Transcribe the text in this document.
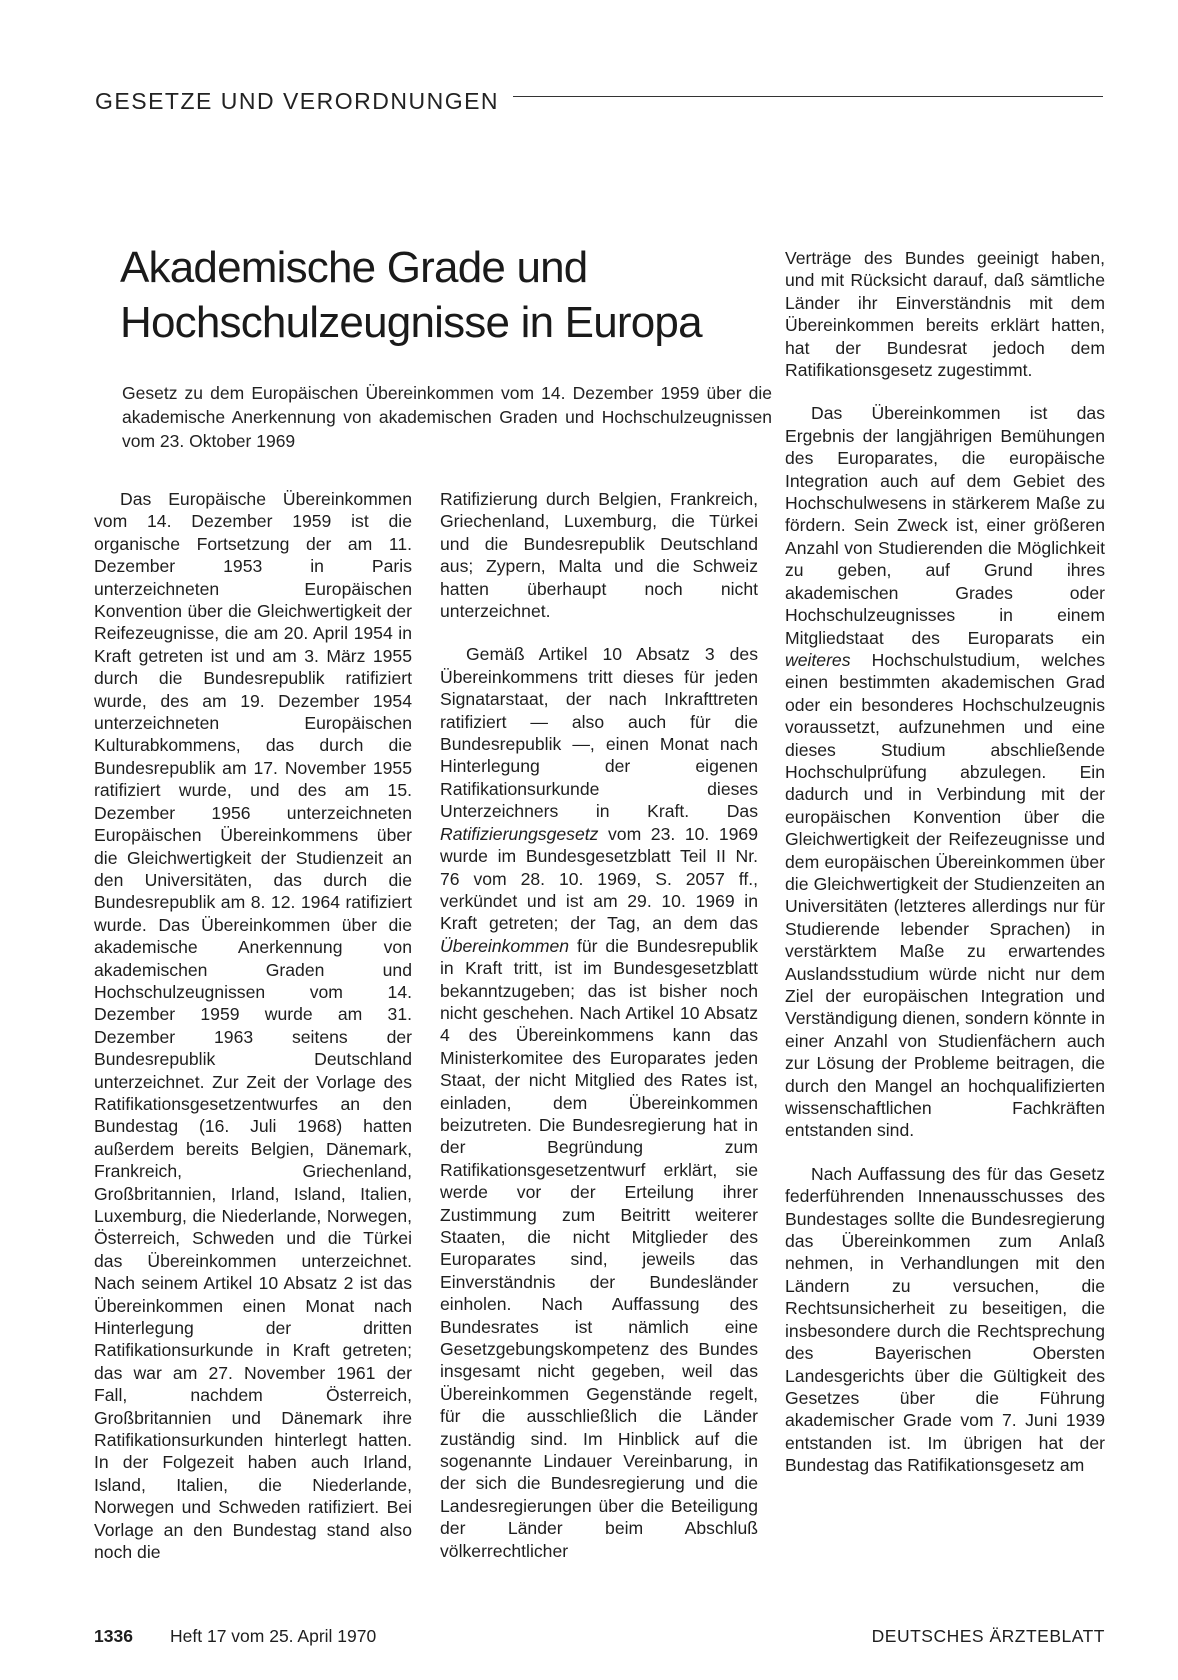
GESETZE UND VERORDNUNGEN
Akademische Grade und Hochschulzeugnisse in Europa

Gesetz zu dem Europäischen Übereinkommen vom 14. Dezember 1959 über die akademische Anerkennung von akademischen Graden und Hochschulzeugnissen vom 23. Oktober 1969

Das Europäische Übereinkommen vom 14. Dezember 1959 ist die organische Fortsetzung der am 11. Dezember 1953 in Paris unterzeichneten Europäischen Konvention über die Gleichwertigkeit der Reifezeugnisse, die am 20. April 1954 in Kraft getreten ist und am 3. März 1955 durch die Bundesrepublik ratifiziert wurde, des am 19. Dezember 1954 unterzeichneten Europäischen Kulturabkommens, das durch die Bundesrepublik am 17. November 1955 ratifiziert wurde, und des am 15. Dezember 1956 unterzeichneten Europäischen Übereinkommens über die Gleichwertigkeit der Studienzeit an den Universitäten, das durch die Bundesrepublik am 8. 12. 1964 ratifiziert wurde. Das Übereinkommen über die akademische Anerkennung von akademischen Graden und Hochschulzeugnissen vom 14. Dezember 1959 wurde am 31. Dezember 1963 seitens der Bundesrepublik Deutschland unterzeichnet. Zur Zeit der Vorlage des Ratifikationsgesetzentwurfes an den Bundestag (16. Juli 1968) hatten außerdem bereits Belgien, Dänemark, Frankreich, Griechenland, Großbritannien, Irland, Island, Italien, Luxemburg, die Niederlande, Norwegen, Österreich, Schweden und die Türkei das Übereinkommen unterzeichnet. Nach seinem Artikel 10 Absatz 2 ist das Übereinkommen einen Monat nach Hinterlegung der dritten Ratifikationsurkunde in Kraft getreten; das war am 27. November 1961 der Fall, nachdem Österreich, Großbritannien und Dänemark ihre Ratifikationsurkunden hinterlegt hatten. In der Folgezeit haben auch Irland, Island, Italien, die Niederlande, Norwegen und Schweden ratifiziert. Bei Vorlage an den Bundestag stand also noch die

Ratifizierung durch Belgien, Frankreich, Griechenland, Luxemburg, die Türkei und die Bundesrepublik Deutschland aus; Zypern, Malta und die Schweiz hatten überhaupt noch nicht unterzeichnet.

Gemäß Artikel 10 Absatz 3 des Übereinkommens tritt dieses für jeden Signatarstaat, der nach Inkrafttreten ratifiziert — also auch für die Bundesrepublik —, einen Monat nach Hinterlegung der eigenen Ratifikationsurkunde dieses Unterzeichners in Kraft. Das Ratifizierungsgesetz vom 23. 10. 1969 wurde im Bundesgesetzblatt Teil II Nr. 76 vom 28. 10. 1969, S. 2057 ff., verkündet und ist am 29. 10. 1969 in Kraft getreten; der Tag, an dem das Übereinkommen für die Bundesrepublik in Kraft tritt, ist im Bundesgesetzblatt bekanntzugeben; das ist bisher noch nicht geschehen. Nach Artikel 10 Absatz 4 des Übereinkommens kann das Ministerkomitee des Europarates jeden Staat, der nicht Mitglied des Rates ist, einladen, dem Übereinkommen beizutreten. Die Bundesregierung hat in der Begründung zum Ratifikationsgesetzentwurf erklärt, sie werde vor der Erteilung ihrer Zustimmung zum Beitritt weiterer Staaten, die nicht Mitglieder des Europarates sind, jeweils das Einverständnis der Bundesländer einholen. Nach Auffassung des Bundesrates ist nämlich eine Gesetzgebungskompetenz des Bundes insgesamt nicht gegeben, weil das Übereinkommen Gegenstände regelt, für die ausschließlich die Länder zuständig sind. Im Hinblick auf die sogenannte Lindauer Vereinbarung, in der sich die Bundesregierung und die Landesregierungen über die Beteiligung der Länder beim Abschluß völkerrechtlicher

Verträge des Bundes geeinigt haben, und mit Rücksicht darauf, daß sämtliche Länder ihr Einverständnis mit dem Übereinkommen bereits erklärt hatten, hat der Bundesrat jedoch dem Ratifikationsgesetz zugestimmt.

Das Übereinkommen ist das Ergebnis der langjährigen Bemühungen des Europarates, die europäische Integration auch auf dem Gebiet des Hochschulwesens in stärkerem Maße zu fördern. Sein Zweck ist, einer größeren Anzahl von Studierenden die Möglichkeit zu geben, auf Grund ihres akademischen Grades oder Hochschulzeugnisses in einem Mitgliedstaat des Europarats ein weiteres Hochschulstudium, welches einen bestimmten akademischen Grad oder ein besonderes Hochschulzeugnis voraussetzt, aufzunehmen und eine dieses Studium abschließende Hochschulprüfung abzulegen. Ein dadurch und in Verbindung mit der europäischen Konvention über die Gleichwertigkeit der Reifezeugnisse und dem europäischen Übereinkommen über die Gleichwertigkeit der Studienzeiten an Universitäten (letzteres allerdings nur für Studierende lebender Sprachen) in verstärktem Maße zu erwartendes Auslandsstudium würde nicht nur dem Ziel der europäischen Integration und Verständigung dienen, sondern könnte in einer Anzahl von Studienfächern auch zur Lösung der Probleme beitragen, die durch den Mangel an hochqualifizierten wissenschaftlichen Fachkräften entstanden sind.

Nach Auffassung des für das Gesetz federführenden Innenausschusses des Bundestages sollte die Bundesregierung das Übereinkommen zum Anlaß nehmen, in Verhandlungen mit den Ländern zu versuchen, die Rechtsunsicherheit zu beseitigen, die insbesondere durch die Rechtsprechung des Bayerischen Obersten Landesgerichts über die Gültigkeit des Gesetzes über die Führung akademischer Grade vom 7. Juni 1939 entstanden ist. Im übrigen hat der Bundestag das Ratifikationsgesetz am

1336 Heft 17 vom 25. April 1970	DEUTSCHES ÄRZTEBLATT
